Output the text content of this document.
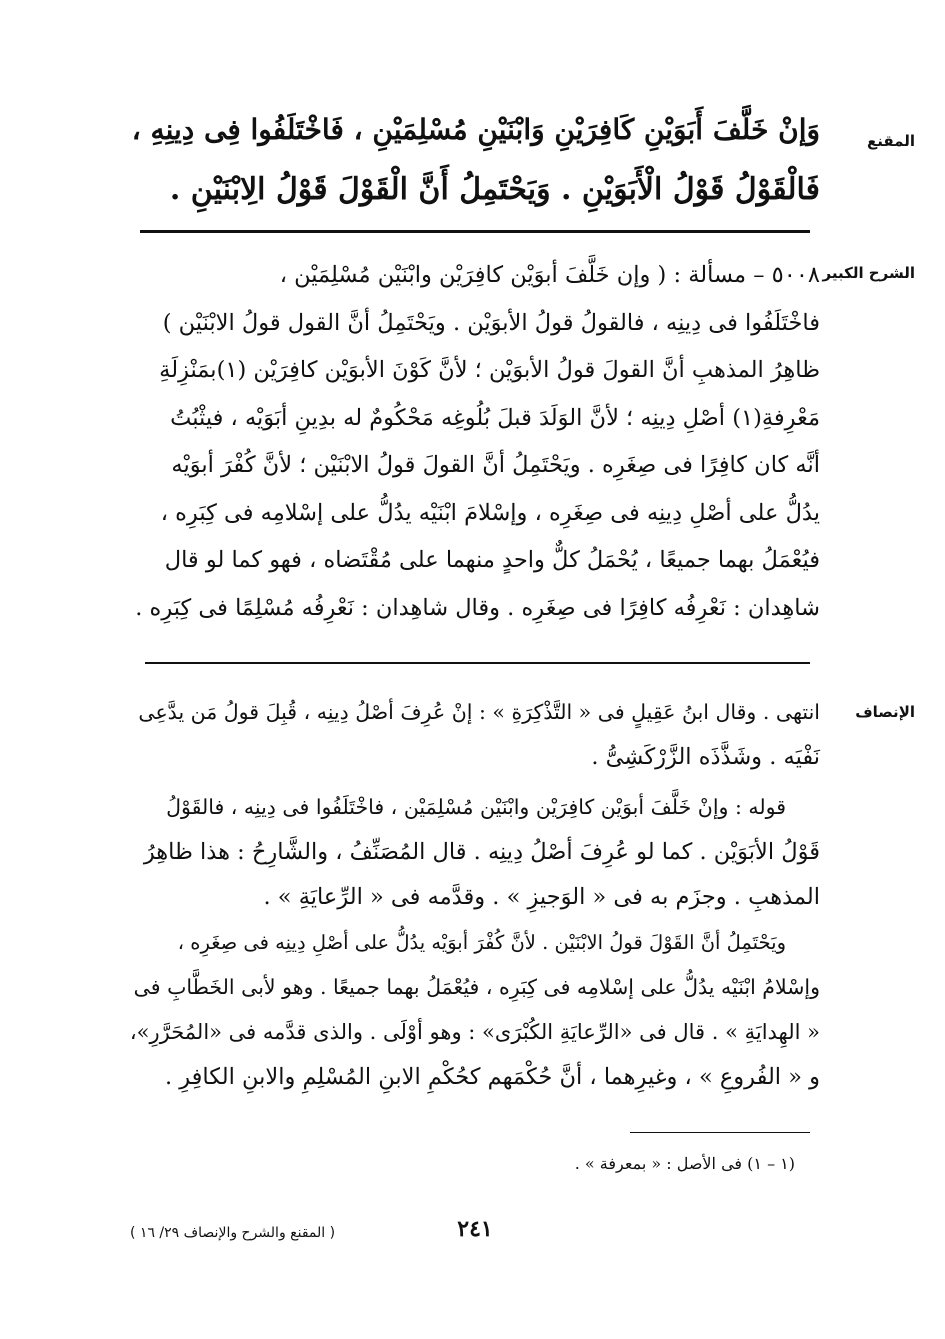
المقنع
الشرح الكبير
الإنصاف
وَإنْ خَلَّفَ أَبَوَيْنِ كَافِرَيْنِ وَابْنَيْنِ مُسْلِمَيْنِ ، فَاخْتَلَفُوا فِى دِينِهِ ،
فَالْقَوْلُ قَوْلُ الْأَبَوَيْنِ . وَيَحْتَمِلُ أَنَّ الْقَوْلَ قَوْلُ الِابْنَيْنِ .
٥٠٠٨ – مسألة : ( وإن خَلَّفَ أبوَيْن كافِرَيْن وابْنَيْن مُسْلِمَيْن ،
فاخْتَلَفُوا فى دِينِه ، فالقولُ قولُ الأبوَيْن . ويَحْتَمِلُ أنَّ القول قولُ الابْنَيْن )
ظاهِرُ المذهبِ أنَّ القولَ قولُ الأبوَيْن ؛ لأنَّ كَوْنَ الأبوَيْن كافِرَيْن (١)بمَنْزِلَةِ
مَعْرِفةِ(١) أصْلِ دِينِه ؛ لأنَّ الوَلَدَ قبلَ بُلُوغِه مَحْكُومٌ له بدِينِ أبَوَيْه ، فيثْبُتُ
أنَّه كان كافِرًا فى صِغَرِه . ويَحْتَمِلُ أنَّ القولَ قولُ الابْنَيْن ؛ لأنَّ كُفْرَ أبوَيْه
يدُلُّ على أصْلِ دِينِه فى صِغَرِه ، وإسْلامَ ابْنَيْه يدُلُّ على إسْلامِه فى كِبَرِه ،
فيُعْمَلُ بهما جميعًا ، يُحْمَلُ كلٌّ واحدٍ منهما على مُقْتَضاه ، فهو كما لو قال
شاهِدان : نَعْرِفُه كافِرًا فى صِغَرِه . وقال شاهِدان : نَعْرِفُه مُسْلِمًا فى كِبَرِه .
انتهى . وقال ابنُ عَقِيلٍ فى « التَّذْكِرَةِ » : إنْ عُرِفَ أصْلُ دِينِه ، قُبِلَ قولُ مَن يدَّعِى
نَفْيَه . وشَذَّذَه الزَّرْكَشِىُّ .
قوله : وإنْ خَلَّفَ أبوَيْن كافِرَيْن وابْنَيْن مُسْلِمَيْن ، فاخْتَلَفُوا فى دِينِه ، فالقَوْلُ
قَوْلُ الأبَوَيْن . كما لو عُرِفَ أصْلُ دِينِه . قال المُصَنِّفُ ، والشَّارِحُ : هذا ظاهِرُ
المذهبِ . وجزَم به فى « الوَجيزِ » . وقدَّمه فى « الرِّعايَةِ » .
ويَحْتَمِلُ أنَّ القَوْلَ قولُ الابْنَيْن . لأنَّ كُفْرَ أبوَيْه يدُلُّ على أصْلِ دِينِه فى صِغَرِه ،
وإسْلامُ ابْنَيْه يدُلُّ على إسْلامِه فى كِبَرِه ، فيُعْمَلُ بهما جميعًا . وهو لأبى الخَطَّابِ فى
« الهِدايَةِ » . قال فى «الرِّعايَةِ الكُبْرَى» : وهو أوْلَى . والذى قدَّمه فى «المُحَرَّرِ»،
و « الفُروعِ » ، وغيرِهما ، أنَّ حُكْمَهم كحُكْمِ الابنِ المُسْلِمِ والابنِ الكافِرِ .
(١ – ١) فى الأصل : « بمعرفة » .
٢٤١
( المقنع والشرح والإنصاف ٢٩/ ١٦ )
